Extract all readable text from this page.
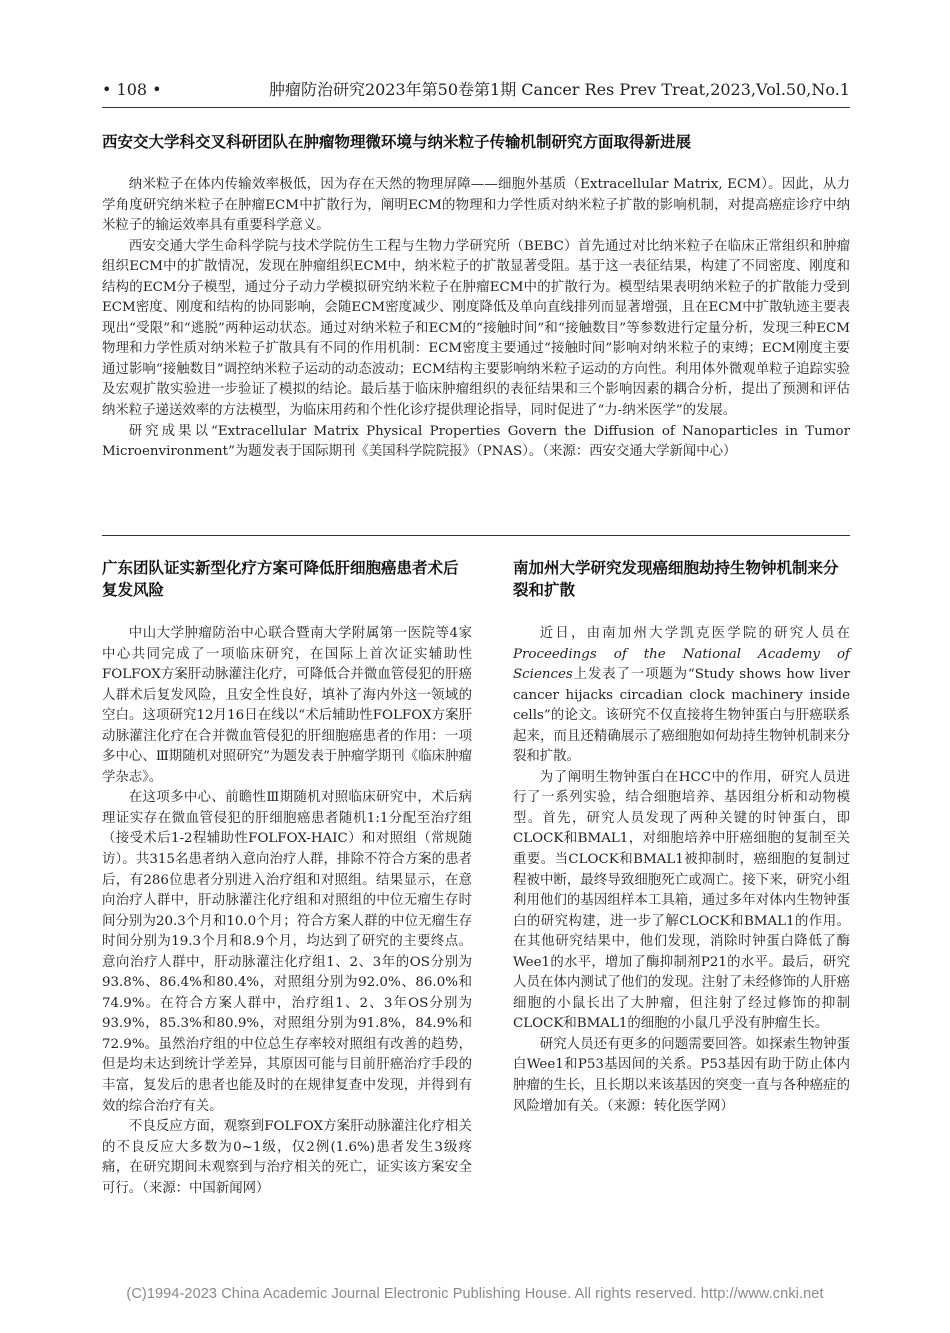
• 108 •	肿瘤防治研究2023年第50卷第1期 Cancer Res Prev Treat,2023,Vol.50,No.1
西安交大学科交叉科研团队在肿瘤物理微环境与纳米粒子传输机制研究方面取得新进展

纳米粒子在体内传输效率极低，因为存在天然的物理屏障——细胞外基质（Extracellular Matrix, ECM）。因此，从力学角度研究纳米粒子在肿瘤ECM中扩散行为，阐明ECM的物理和力学性质对纳米粒子扩散的影响机制，对提高癌症诊疗中纳米粒子的输运效率具有重要科学意义。

西安交通大学生命科学院与技术学院仿生工程与生物力学研究所（BEBC）首先通过对比纳米粒子在临床正常组织和肿瘤组织ECM中的扩散情况，发现在肿瘤组织ECM中，纳米粒子的扩散显著受阻。基于这一表征结果，构建了不同密度、刚度和结构的ECM分子模型，通过分子动力学模拟研究纳米粒子在肿瘤ECM中的扩散行为。模型结果表明纳米粒子的扩散能力受到ECM密度、刚度和结构的协同影响，会随ECM密度减少、刚度降低及单向直线排列而显著增强，且在ECM中扩散轨迹主要表现出“受限”和“逃脱”两种运动状态。通过对纳米粒子和ECM的“接触时间”和“接触数目”等参数进行定量分析，发现三种ECM物理和力学性质对纳米粒子扩散具有不同的作用机制：ECM密度主要通过“接触时间”影响对纳米粒子的束缚；ECM刚度主要通过影响“接触数目”调控纳米粒子运动的动态波动；ECM结构主要影响纳米粒子运动的方向性。利用体外微观单粒子追踪实验及宏观扩散实验进一步验证了模拟的结论。最后基于临床肿瘤组织的表征结果和三个影响因素的耦合分析，提出了预测和评估纳米粒子递送效率的方法模型，为临床用药和个性化诊疗提供理论指导，同时促进了“力-纳米医学”的发展。

研究成果以“Extracellular Matrix Physical Properties Govern the Diffusion of Nanoparticles in Tumor Microenvironment”为题发表于国际期刊《美国科学院院报》（PNAS）。（来源：西安交通大学新闻中心）

广东团队证实新型化疗方案可降低肝细胞癌患者术后复发风险

中山大学肿瘤防治中心联合暨南大学附属第一医院等4家中心共同完成了一项临床研究，在国际上首次证实辅助性FOLFOX方案肝动脉灌注化疗，可降低合并微血管侵犯的肝癌人群术后复发风险，且安全性良好，填补了海内外这一领域的空白。这项研究12月16日在线以“术后辅助性FOLFOX方案肝动脉灌注化疗在合并微血管侵犯的肝细胞癌患者的作用：一项多中心、Ⅲ期随机对照研究”为题发表于肿瘤学期刊《临床肿瘤学杂志》。

在这项多中心、前瞻性Ⅲ期随机对照临床研究中，术后病理证实存在微血管侵犯的肝细胞癌患者随机1:1分配至治疗组（接受术后1-2程辅助性FOLFOX-HAIC）和对照组（常规随访）。共315名患者纳入意向治疗人群，排除不符合方案的患者后，有286位患者分别进入治疗组和对照组。结果显示，在意向治疗人群中，肝动脉灌注化疗组和对照组的中位无瘤生存时间分别为20.3个月和10.0个月；符合方案人群的中位无瘤生存时间分别为19.3个月和8.9个月，均达到了研究的主要终点。意向治疗人群中，肝动脉灌注化疗组1、2、3年的OS分别为93.8%、86.4%和80.4%，对照组分别为92.0%、86.0%和74.9%。在符合方案人群中，治疗组1、2、3年OS分别为93.9%，85.3%和80.9%，对照组分别为91.8%，84.9%和72.9%。虽然治疗组的中位总生存率较对照组有改善的趋势，但是均未达到统计学差异，其原因可能与目前肝癌治疗手段的丰富，复发后的患者也能及时的在规律复查中发现，并得到有效的综合治疗有关。

不良反应方面，观察到FOLFOX方案肝动脉灌注化疗相关的不良反应大多数为0~1级，仅2例(1.6%)患者发生3级疼痛，在研究期间未观察到与治疗相关的死亡，证实该方案安全可行。（来源：中国新闻网）

南加州大学研究发现癌细胞劫持生物钟机制来分裂和扩散

近日，由南加州大学凯克医学院的研究人员在Proceedings of the National Academy of Sciences上发表了一项题为“Study shows how liver cancer hijacks circadian clock machinery inside cells”的论文。该研究不仅直接将生物钟蛋白与肝癌联系起来，而且还精确展示了癌细胞如何劫持生物钟机制来分裂和扩散。

为了阐明生物钟蛋白在HCC中的作用，研究人员进行了一系列实验，结合细胞培养、基因组分析和动物模型。首先，研究人员发现了两种关键的时钟蛋白，即CLOCK和BMAL1，对细胞培养中肝癌细胞的复制至关重要。当CLOCK和BMAL1被抑制时，癌细胞的复制过程被中断，最终导致细胞死亡或凋亡。接下来，研究小组利用他们的基因组样本工具箱，通过多年对体内生物钟蛋白的研究构建，进一步了解CLOCK和BMAL1的作用。在其他研究结果中，他们发现，消除时钟蛋白降低了酶Wee1的水平，增加了酶抑制剂P21的水平。最后，研究人员在体内测试了他们的发现。注射了未经修饰的人肝癌细胞的小鼠长出了大肿瘤，但注射了经过修饰的抑制CLOCK和BMAL1的细胞的小鼠几乎没有肿瘤生长。

研究人员还有更多的问题需要回答。如探索生物钟蛋白Wee1和P53基因间的关系。P53基因有助于防止体内肿瘤的生长，且长期以来该基因的突变一直与各种癌症的风险增加有关。（来源：转化医学网）

(C)1994-2023 China Academic Journal Electronic Publishing House. All rights reserved. http://www.cnki.net
